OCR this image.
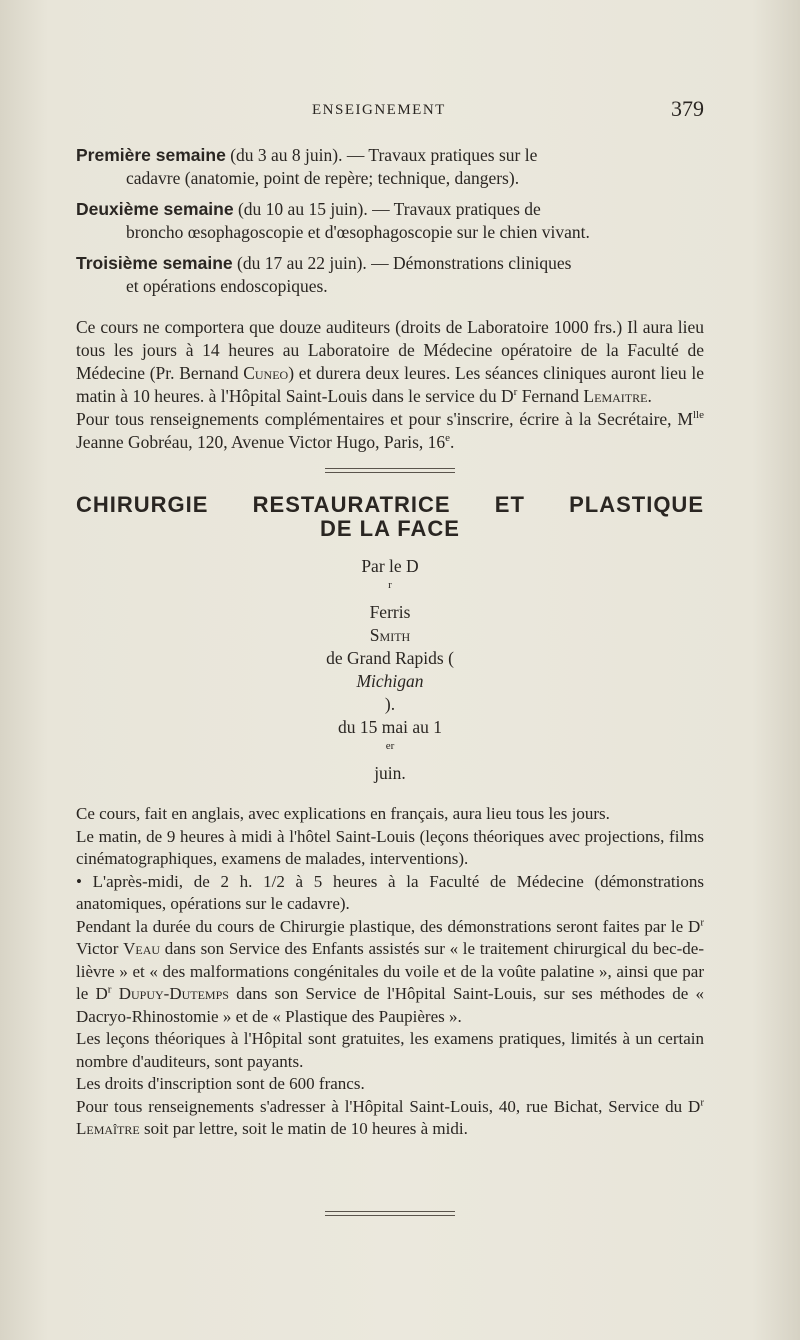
ENSEIGNEMENT	379

Première semaine (du 3 au 8 juin). — Travaux pratiques sur le

cadavre (anatomie, point de repère; technique, dangers).

Deuxième semaine (du 10 au 15 juin). — Travaux pratiques de

broncho œsophagoscopie et d'œsophagoscopie sur le chien vivant.

Troisième semaine (du 17 au 22 juin). — Démonstrations cliniques

et opérations endoscopiques.

Ce cours ne comportera que douze auditeurs (droits de Laboratoire 1000 frs.) Il aura lieu tous les jours à 14 heures au Laboratoire de Médecine opératoire de la Faculté de Médecine (Pr. Bernand Cuneo) et durera deux leures. Les séances cliniques auront lieu le matin à 10 heures. à l'Hôpital Saint-Louis dans le service du $D^r$ Fernand Lemaitre.

Pour tous renseignements complémentaires et pour s'inscrire, écrire à la Secrétaire, $M^{lle}$ Jeanne Gobréau, 120, Avenue Victor Hugo, Paris, 16e.

CHIRURGIE RESTAURATRICE ET PLASTIQUE
DE LA FACE
Par le D
$^r$
Ferris
Smith
de Grand Rapids (
Michigan
).
du 15 mai au 1
$^{er}$
juin.

Ce cours, fait en anglais, avec explications en français, aura lieu tous les jours.

Le matin, de 9 heures à midi à l'hôtel Saint-Louis (leçons théoriques avec projections, films cinématographiques, examens de malades, interventions).

• L'après-midi, de 2 h. 1/2 à 5 heures à la Faculté de Médecine (démonstrations anatomiques, opérations sur le cadavre).

Pendant la durée du cours de Chirurgie plastique, des démonstrations seront faites par le $D^r$ Victor Veau dans son Service des Enfants assistés sur « le traitement chirurgical du bec-de-lièvre » et « des malformations congénitales du voile et de la voûte palatine », ainsi que par le $D^r$ Dupuy-Dutemps dans son Service de l'Hôpital Saint-Louis, sur ses méthodes de « Dacryo-Rhinostomie » et de « Plastique des Paupières ».

Les leçons théoriques à l'Hôpital sont gratuites, les examens pratiques, limités à un certain nombre d'auditeurs, sont payants.

Les droits d'inscription sont de 600 francs.

Pour tous renseignements s'adresser à l'Hôpital Saint-Louis, 40, rue Bichat, Service du $D^r$ Lemaître soit par lettre, soit le matin de 10 heures à midi.
